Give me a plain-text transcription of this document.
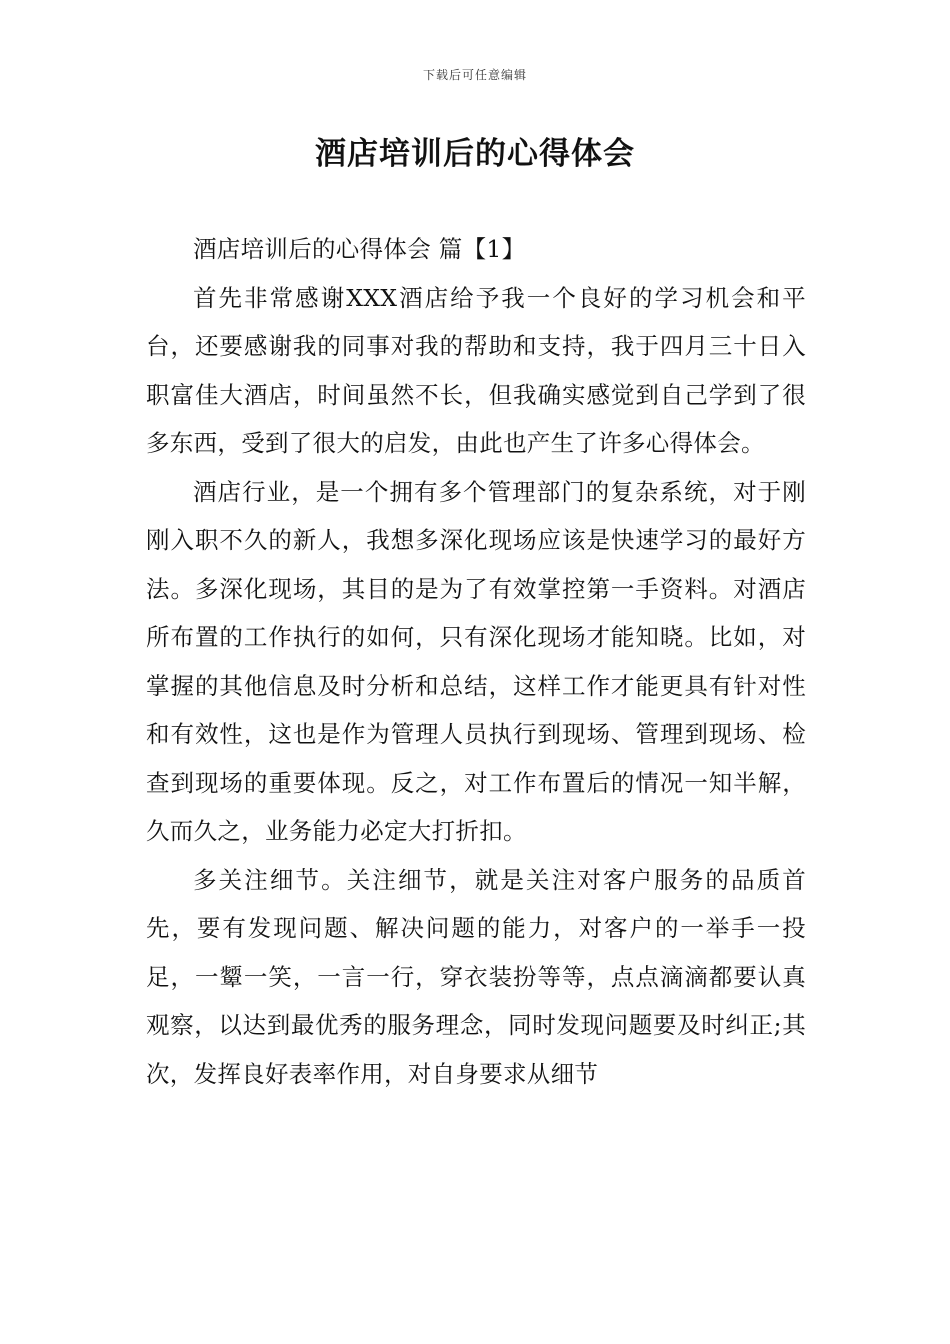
下载后可任意编辑
酒店培训后的心得体会

酒店培训后的心得体会 篇【1】

首先非常感谢XXX酒店给予我一个良好的学习机会和平台，还要感谢我的同事对我的帮助和支持，我于四月三十日入职富佳大酒店，时间虽然不长，但我确实感觉到自己学到了很多东西，受到了很大的启发，由此也产生了许多心得体会。

酒店行业，是一个拥有多个管理部门的复杂系统，对于刚刚入职不久的新人，我想多深化现场应该是快速学习的最好方法。多深化现场，其目的是为了有效掌控第一手资料。对酒店所布置的工作执行的如何，只有深化现场才能知晓。比如，对掌握的其他信息及时分析和总结，这样工作才能更具有针对性和有效性，这也是作为管理人员执行到现场、管理到现场、检查到现场的重要体现。反之，对工作布置后的情况一知半解，久而久之，业务能力必定大打折扣。

多关注细节。关注细节，就是关注对客户服务的品质首先，要有发现问题、解决问题的能力，对客户的一举手一投足，一颦一笑，一言一行，穿衣装扮等等，点点滴滴都要认真观察，以达到最优秀的服务理念，同时发现问题要及时纠正;其次，发挥良好表率作用，对自身要求从细节
